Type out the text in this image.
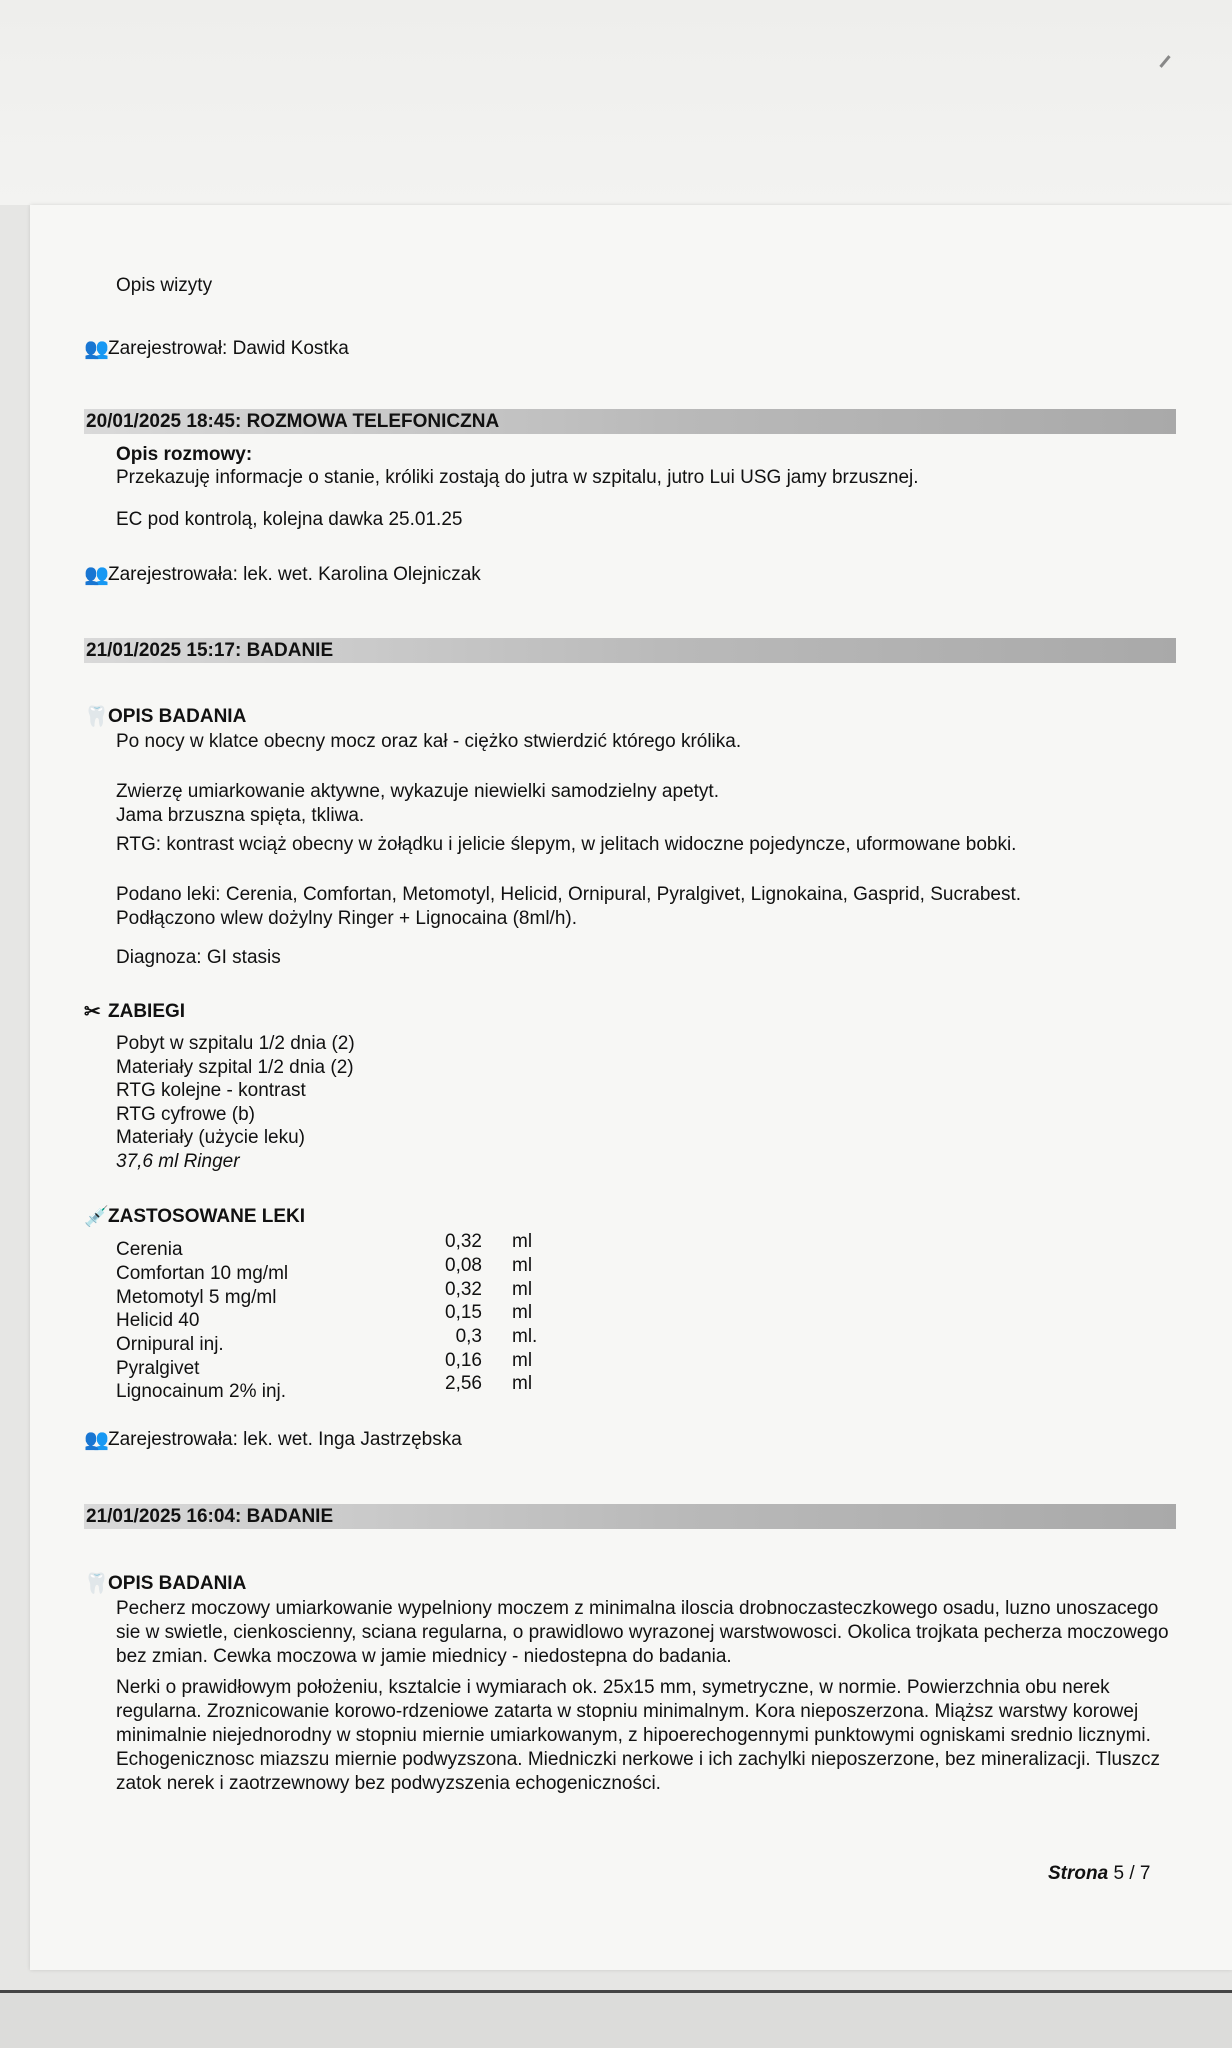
Opis wizyty
👥Zarejestrował: Dawid Kostka
20/01/2025 18:45: ROZMOWA TELEFONICZNA
Opis rozmowy:
Przekazuję informacje o stanie, króliki zostają do jutra w szpitalu, jutro Lui USG jamy brzusznej.
EC pod kontrolą, kolejna dawka 25.01.25
👥Zarejestrowała: lek. wet. Karolina Olejniczak
21/01/2025 15:17: BADANIE
🦷OPIS BADANIA
Po nocy w klatce obecny mocz oraz kał - ciężko stwierdzić którego królika.
Zwierzę umiarkowanie aktywne, wykazuje niewielki samodzielny apetyt.
Jama brzuszna spięta, tkliwa.
RTG: kontrast wciąż obecny w żołądku i jelicie ślepym, w jelitach widoczne pojedyncze, uformowane bobki.
Podano leki: Cerenia, Comfortan, Metomotyl, Helicid, Ornipural, Pyralgivet, Lignokaina, Gasprid, Sucrabest.
Podłączono wlew dożylny Ringer + Lignocaina (8ml/h).
Diagnoza: GI stasis
✂ ZABIEGI
Pobyt w szpitalu 1/2 dnia (2)
Materiały szpital 1/2 dnia (2)
RTG kolejne - kontrast
RTG cyfrowe (b)
Materiały (użycie leku)
37,6 ml Ringer
💉ZASTOSOWANE LEKI
Cerenia	0,32 ml
Comfortan 10 mg/ml	0,08 ml
Metomotyl 5 mg/ml	0,32 ml
Helicid 40	0,15 ml
Ornipural inj.	0,3 ml.
Pyralgivet	0,16 ml
Lignocainum 2% inj.	2,56 ml
👥Zarejestrowała: lek. wet. Inga Jastrzębska
21/01/2025 16:04: BADANIE
🦷OPIS BADANIA
Pecherz moczowy umiarkowanie wypelniony moczem z minimalna iloscia drobnoczasteczkowego osadu, luzno unoszacego sie w swietle, cienkoscienny, sciana regularna, o prawidlowo wyrazonej warstwowosci. Okolica trojkata pecherza moczowego bez zmian. Cewka moczowa w jamie miednicy - niedostepna do badania.
Nerki o prawidłowym położeniu, ksztalcie i wymiarach ok. 25x15 mm, symetryczne, w normie. Powierzchnia obu nerek regularna. Zroznicowanie korowo-rdzeniowe zatarta w stopniu minimalnym. Kora nieposzerzona. Miąższ warstwy korowej minimalnie niejednorodny w stopniu miernie umiarkowanym, z hipoerechogennymi punktowymi ogniskami srednio licznymi. Echogenicznosc miazszu miernie podwyzszona. Miedniczki nerkowe i ich zachylki nieposzerzone, bez mineralizacji. Tluszcz zatok nerek i zaotrzewnowy bez podwyzszenia echogeniczności.
Strona 5 / 7
